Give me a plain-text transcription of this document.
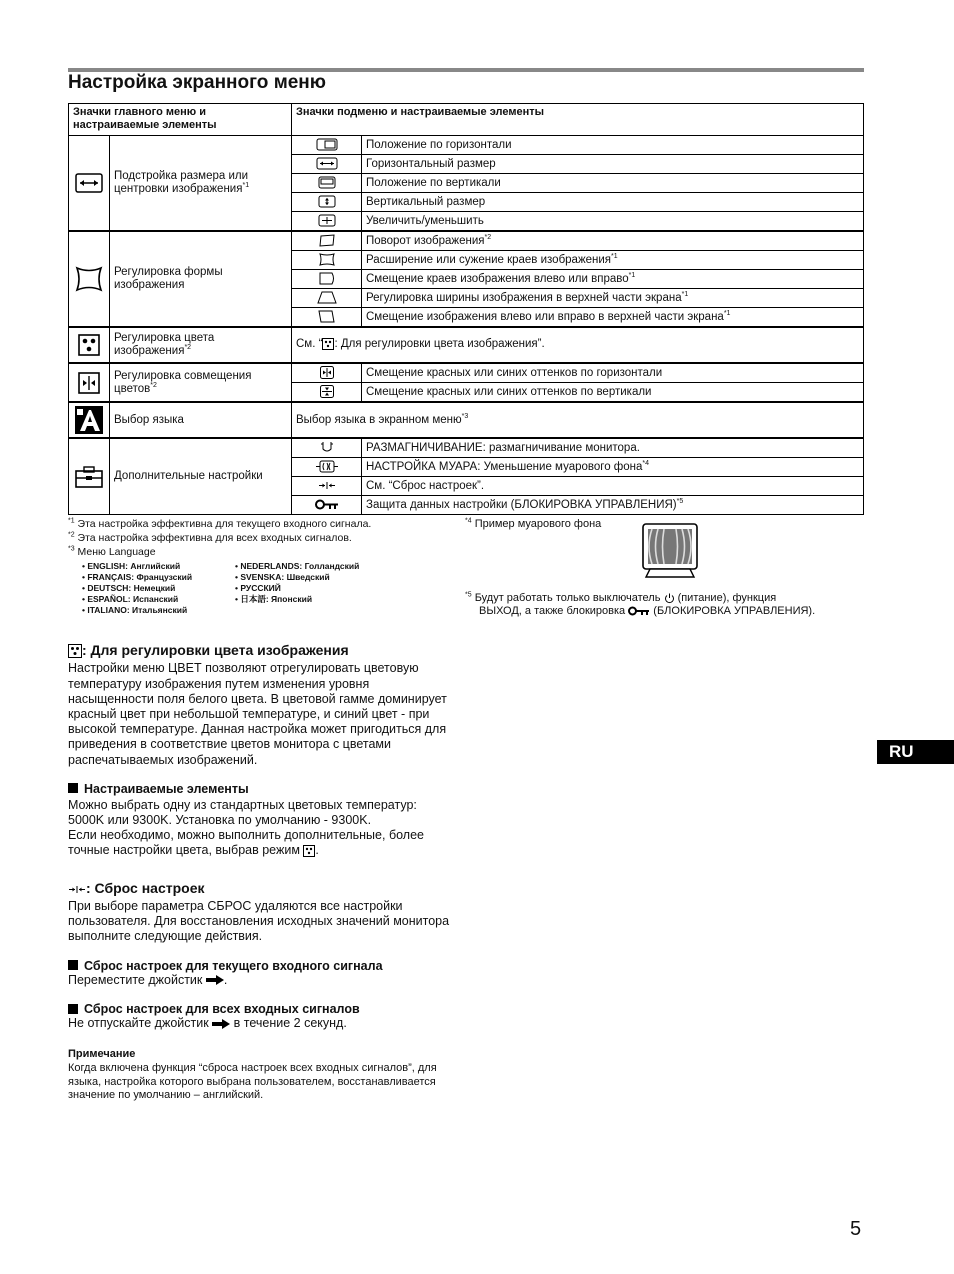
Настройка экранного меню
Значки главного меню и настраиваемые элементы		Значки подменю и настраиваемые элементы	
	Подстройка размера или центровки изображения$^{*1}$		Положение по горизонтали
	Горизонтальный размер
	Положение по вертикали
	Вертикальный размер
	Увеличить/уменьшить
	Регулировка формы изображения		Поворот изображения$^{*2}$
	Расширение или сужение краев изображения$^{*1}$
	Смещение краев изображения влево или вправо$^{*1}$
	Регулировка ширины изображения в верхней части экрана$^{*1}$
	Смещение изображения влево или вправо в верхней части экрана$^{*1}$
	Регулировка цвета изображения$^{*2}$	См. “ : Для регулировки цвета изображения”.	
	Регулировка совмещения цветов$^{*2}$		Смещение красных или синих оттенков по горизонтали
	Смещение красных или синих оттенков по вертикали
	Выбор языка	Выбор языка в экранном меню$^{*3}$
	Дополнительные настройки		РАЗМАГНИЧИВАНИЕ: размагничивание монитора.
	НАСТРОЙКА МУАРА: Уменьшение муарового фона$^{*4}$
	См. “Сброс настроек”.
	Защита данных настройки (БЛОКИРОВКА УПРАВЛЕНИЯ)$^{*5}$
$^{*1}$ Эта настройка эффективна для текущего входного сигнала.
$^{*2}$ Эта настройка эффективна для всех входных сигналов.
$^{*3}$ Меню Language
• ENGLISH: Английский
• FRANÇAIS: Французский
• DEUTSCH: Немецкий
• ESPAÑOL: Испанский
• ITALIANO: Итальянский
• NEDERLANDS: Голландский
• SVENSKA: Шведский
• РУССКИЙ
• 日本語: Японский
$^{*4}$ Пример муарового фона
$^{*5}$ Будут работать только выключатель (питание), функция
ВЫХОД, а также блокировка	(БЛОКИРОВКА УПРАВЛЕНИЯ).
: Для регулировки цвета изображения

Настройки меню ЦВЕТ позволяют отрегулировать цветовую температуру изображения путем изменения уровня насыщенности поля белого цвета. В цветовой гамме доминирует красный цвет при небольшой температуре, и синий цвет - при высокой температуре. Данная настройка может пригодиться для приведения в соответствие цветов монитора с цветами распечатываемых изображений.

Настраиваемые элементы

Можно выбрать одну из стандартных цветовых температур: 5000K или 9300K. Установка по умолчанию - 9300K.

Если необходимо, можно выполнить дополнительные, более точные настройки цвета, выбрав режим .

: Сброс настроек

При выборе параметра СБРОС удаляются все настройки пользователя. Для восстановления исходных значений монитора выполните следующие действия.

Сброс настроек для текущего входного сигнала

Переместите джойстик .

Сброс настроек для всех входных сигналов

Не отпускайте джойстик в течение 2 секунд.

Примечание

Когда включена функция “сброса настроек всех входных сигналов”, для языка, настройка которого выбрана пользователем, восстанавливается значение по умолчанию – английский.

RU
5
